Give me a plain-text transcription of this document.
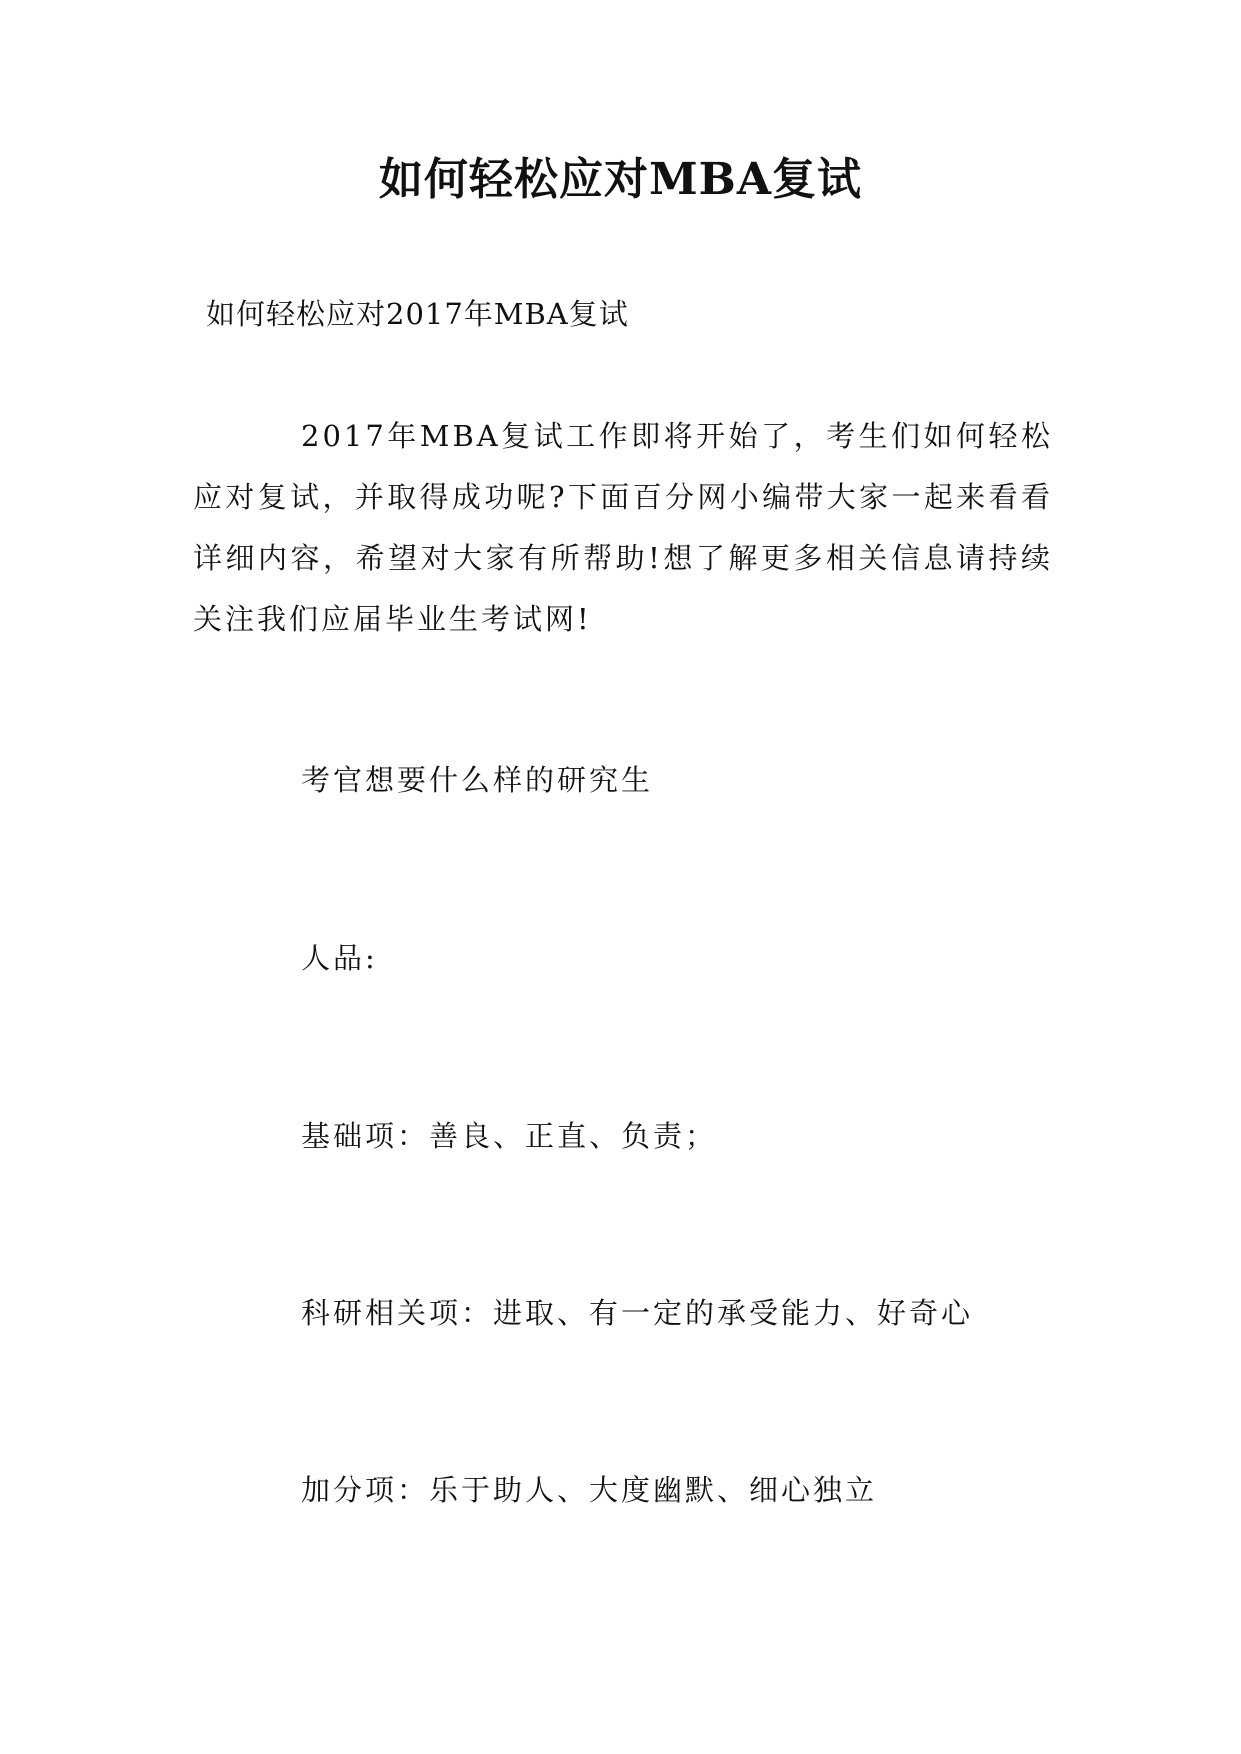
如何轻松应对MBA复试
如何轻松应对2017年MBA复试

2017年MBA复试工作即将开始了，考生们如何轻松应对复试，并取得成功呢?下面百分网小编带大家一起来看看详细内容，希望对大家有所帮助!想了解更多相关信息请持续关注我们应届毕业生考试网!

考官想要什么样的研究生

人品:

基础项：善良、正直、负责；

科研相关项：进取、有一定的承受能力、好奇心

加分项：乐于助人、大度幽默、细心独立
